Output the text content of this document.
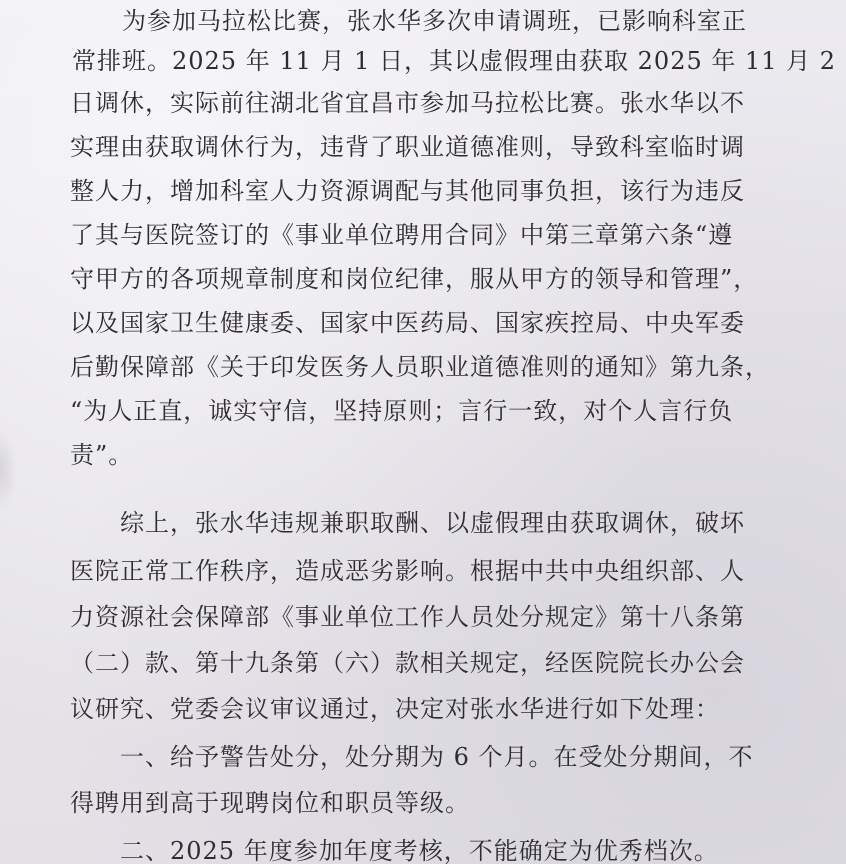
为参加马拉松比赛，张水华多次申请调班，已影响科室正
常排班。2025 年 11 月 1 日，其以虚假理由获取 2025 年 11 月 2
日调休，实际前往湖北省宜昌市参加马拉松比赛。张水华以不
实理由获取调休行为，违背了职业道德准则，导致科室临时调
整人力，增加科室人力资源调配与其他同事负担，该行为违反
了其与医院签订的《事业单位聘用合同》中第三章第六条“遵
守甲方的各项规章制度和岗位纪律，服从甲方的领导和管理”，
以及国家卫生健康委、国家中医药局、国家疾控局、中央军委
后勤保障部《关于印发医务人员职业道德准则的通知》第九条，
“为人正直，诚实守信，坚持原则；言行一致，对个人言行负
责”。
综上，张水华违规兼职取酬、以虚假理由获取调休，破坏
医院正常工作秩序，造成恶劣影响。根据中共中央组织部、人
力资源社会保障部《事业单位工作人员处分规定》第十八条第
（二）款、第十九条第（六）款相关规定，经医院院长办公会
议研究、党委会议审议通过，决定对张水华进行如下处理：
一、给予警告处分，处分期为 6 个月。在受处分期间，不
得聘用到高于现聘岗位和职员等级。
二、2025 年度参加年度考核，不能确定为优秀档次。
